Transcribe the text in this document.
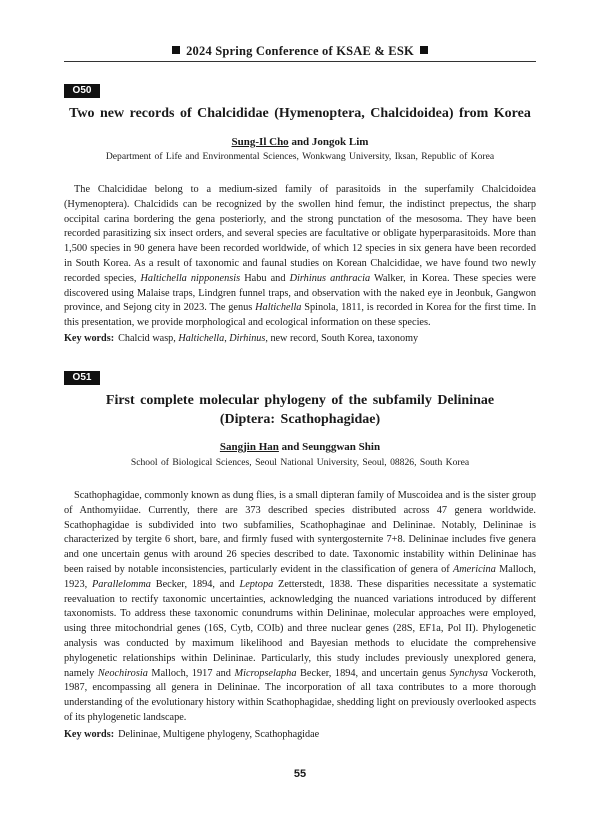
2024 Spring Conference of KSAE & ESK
O50
Two new records of Chalcididae (Hymenoptera, Chalcidoidea) from Korea
Sung-Il Cho and Jongok Lim
Department of Life and Environmental Sciences, Wonkwang University, Iksan, Republic of Korea

The Chalcididae belong to a medium-sized family of parasitoids in the superfamily Chalcidoidea (Hymenoptera). Chalcidids can be recognized by the swollen hind femur, the indistinct prepectus, the sharp occipital carina bordering the gena posteriorly, and the strong punctation of the mesosoma. They have been recorded parasitizing six insect orders, and several species are facultative or obligate hyperparasitoids. More than 1,500 species in 90 genera have been recorded worldwide, of which 12 species in six genera have been recorded in South Korea. As a result of taxonomic and faunal studies on Korean Chalcididae, we have found two newly recorded species, Haltichella nipponensis Habu and Dirhinus anthracia Walker, in Korea. These species were discovered using Malaise traps, Lindgren funnel traps, and observation with the naked eye in Jeonbuk, Gangwon province, and Sejong city in 2023. The genus Haltichella Spinola, 1811, is recorded in Korea for the first time. In this presentation, we provide morphological and ecological information on these species.

Key words: Chalcid wasp, Haltichella, Dirhinus, new record, South Korea, taxonomy
O51
First complete molecular phylogeny of the subfamily Delininae (Diptera: Scathophagidae)
Sangjin Han and Seunggwan Shin
School of Biological Sciences, Seoul National University, Seoul, 08826, South Korea

Scathophagidae, commonly known as dung flies, is a small dipteran family of Muscoidea and is the sister group of Anthomyiidae. Currently, there are 373 described species distributed across 47 genera worldwide. Scathophagidae is subdivided into two subfamilies, Scathophaginae and Delininae. Notably, Delininae is characterized by tergite 6 short, bare, and firmly fused with syntergosternite 7+8. Delininae includes five genera and one uncertain genus with around 26 species described to date. Taxonomic instability within Delininae has been raised by notable inconsistencies, particularly evident in the classification of genera of Americina Malloch, 1923, Parallelomma Becker, 1894, and Leptopa Zetterstedt, 1838. These disparities necessitate a systematic reevaluation to rectify taxonomic uncertainties, acknowledging the nuanced variations introduced by different taxonomists. To address these taxonomic conundrums within Delininae, molecular approaches were employed, using three mitochondrial genes (16S, Cytb, COIb) and three nuclear genes (28S, EF1a, Pol II). Phylogenetic analysis was conducted by maximum likelihood and Bayesian methods to elucidate the comprehensive phylogenetic relationships within Delininae. Particularly, this study includes previously unexplored genera, namely Neochirosia Malloch, 1917 and Micropselapha Becker, 1894, and uncertain genus Synchysa Vockeroth, 1987, encompassing all genera in Delininae. The incorporation of all taxa contributes to a more thorough understanding of the evolutionary history within Scathophagidae, shedding light on previously overlooked aspects of its phylogenetic landscape.

Key words: Delininae, Multigene phylogeny, Scathophagidae
55
